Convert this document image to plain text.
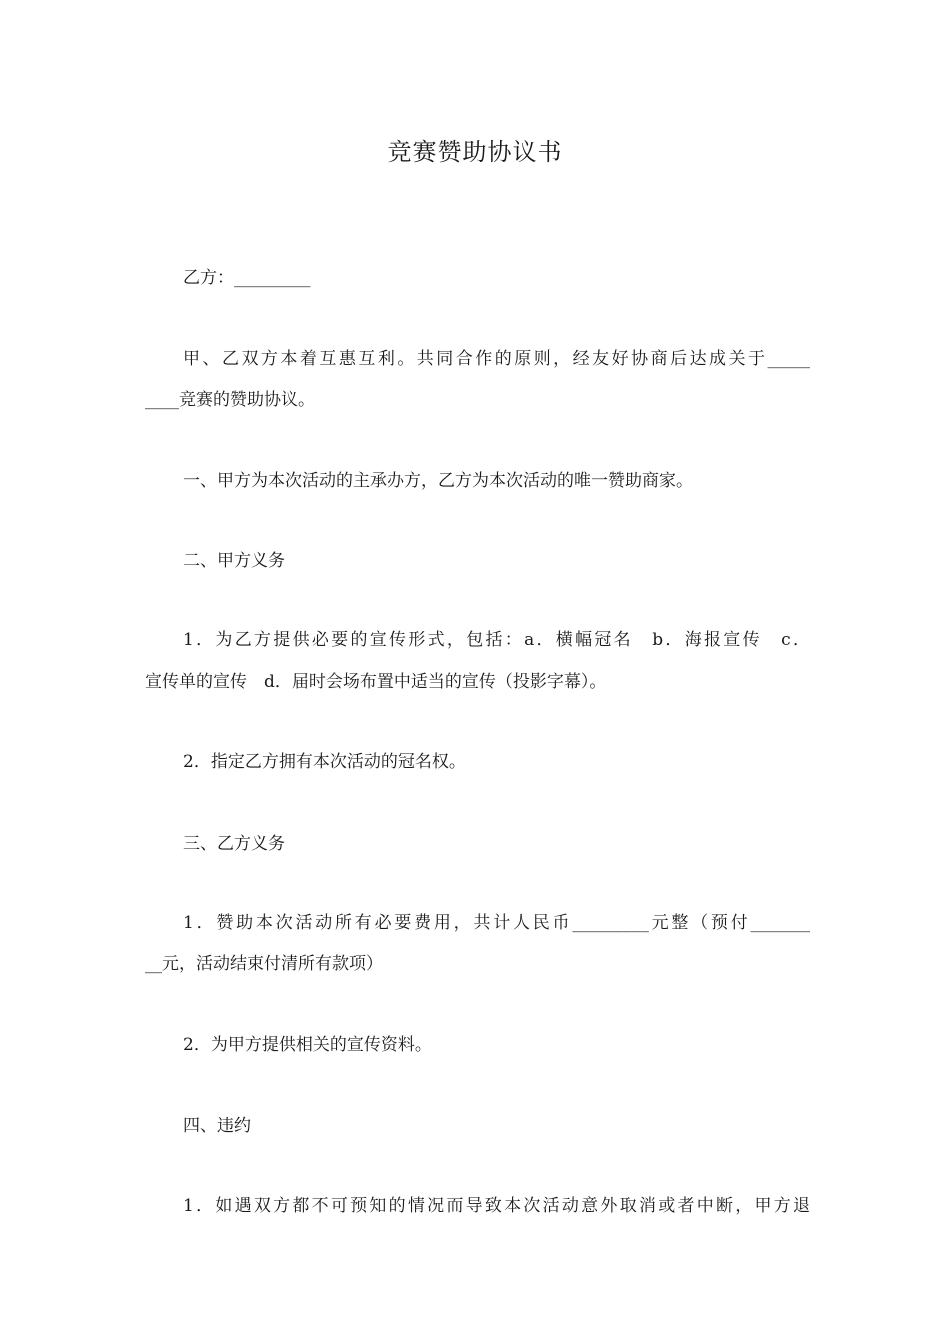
竞赛赞助协议书
乙方：_________
甲、乙双方本着互惠互利。共同合作的原则，经友好协商后达成关于_____
____竞赛的赞助协议。
一、甲方为本次活动的主承办方，乙方为本次活动的唯一赞助商家。
二、甲方义务
1．为乙方提供必要的宣传形式，包括：a．横幅冠名　b．海报宣传　c．
宣传单的宣传　d．届时会场布置中适当的宣传（投影字幕）。
2．指定乙方拥有本次活动的冠名权。
三、乙方义务
1．赞助本次活动所有必要费用，共计人民币_________元整（预付_______
__元，活动结束付清所有款项）
2．为甲方提供相关的宣传资料。
四、违约
1．如遇双方都不可预知的情况而导致本次活动意外取消或者中断，甲方退
